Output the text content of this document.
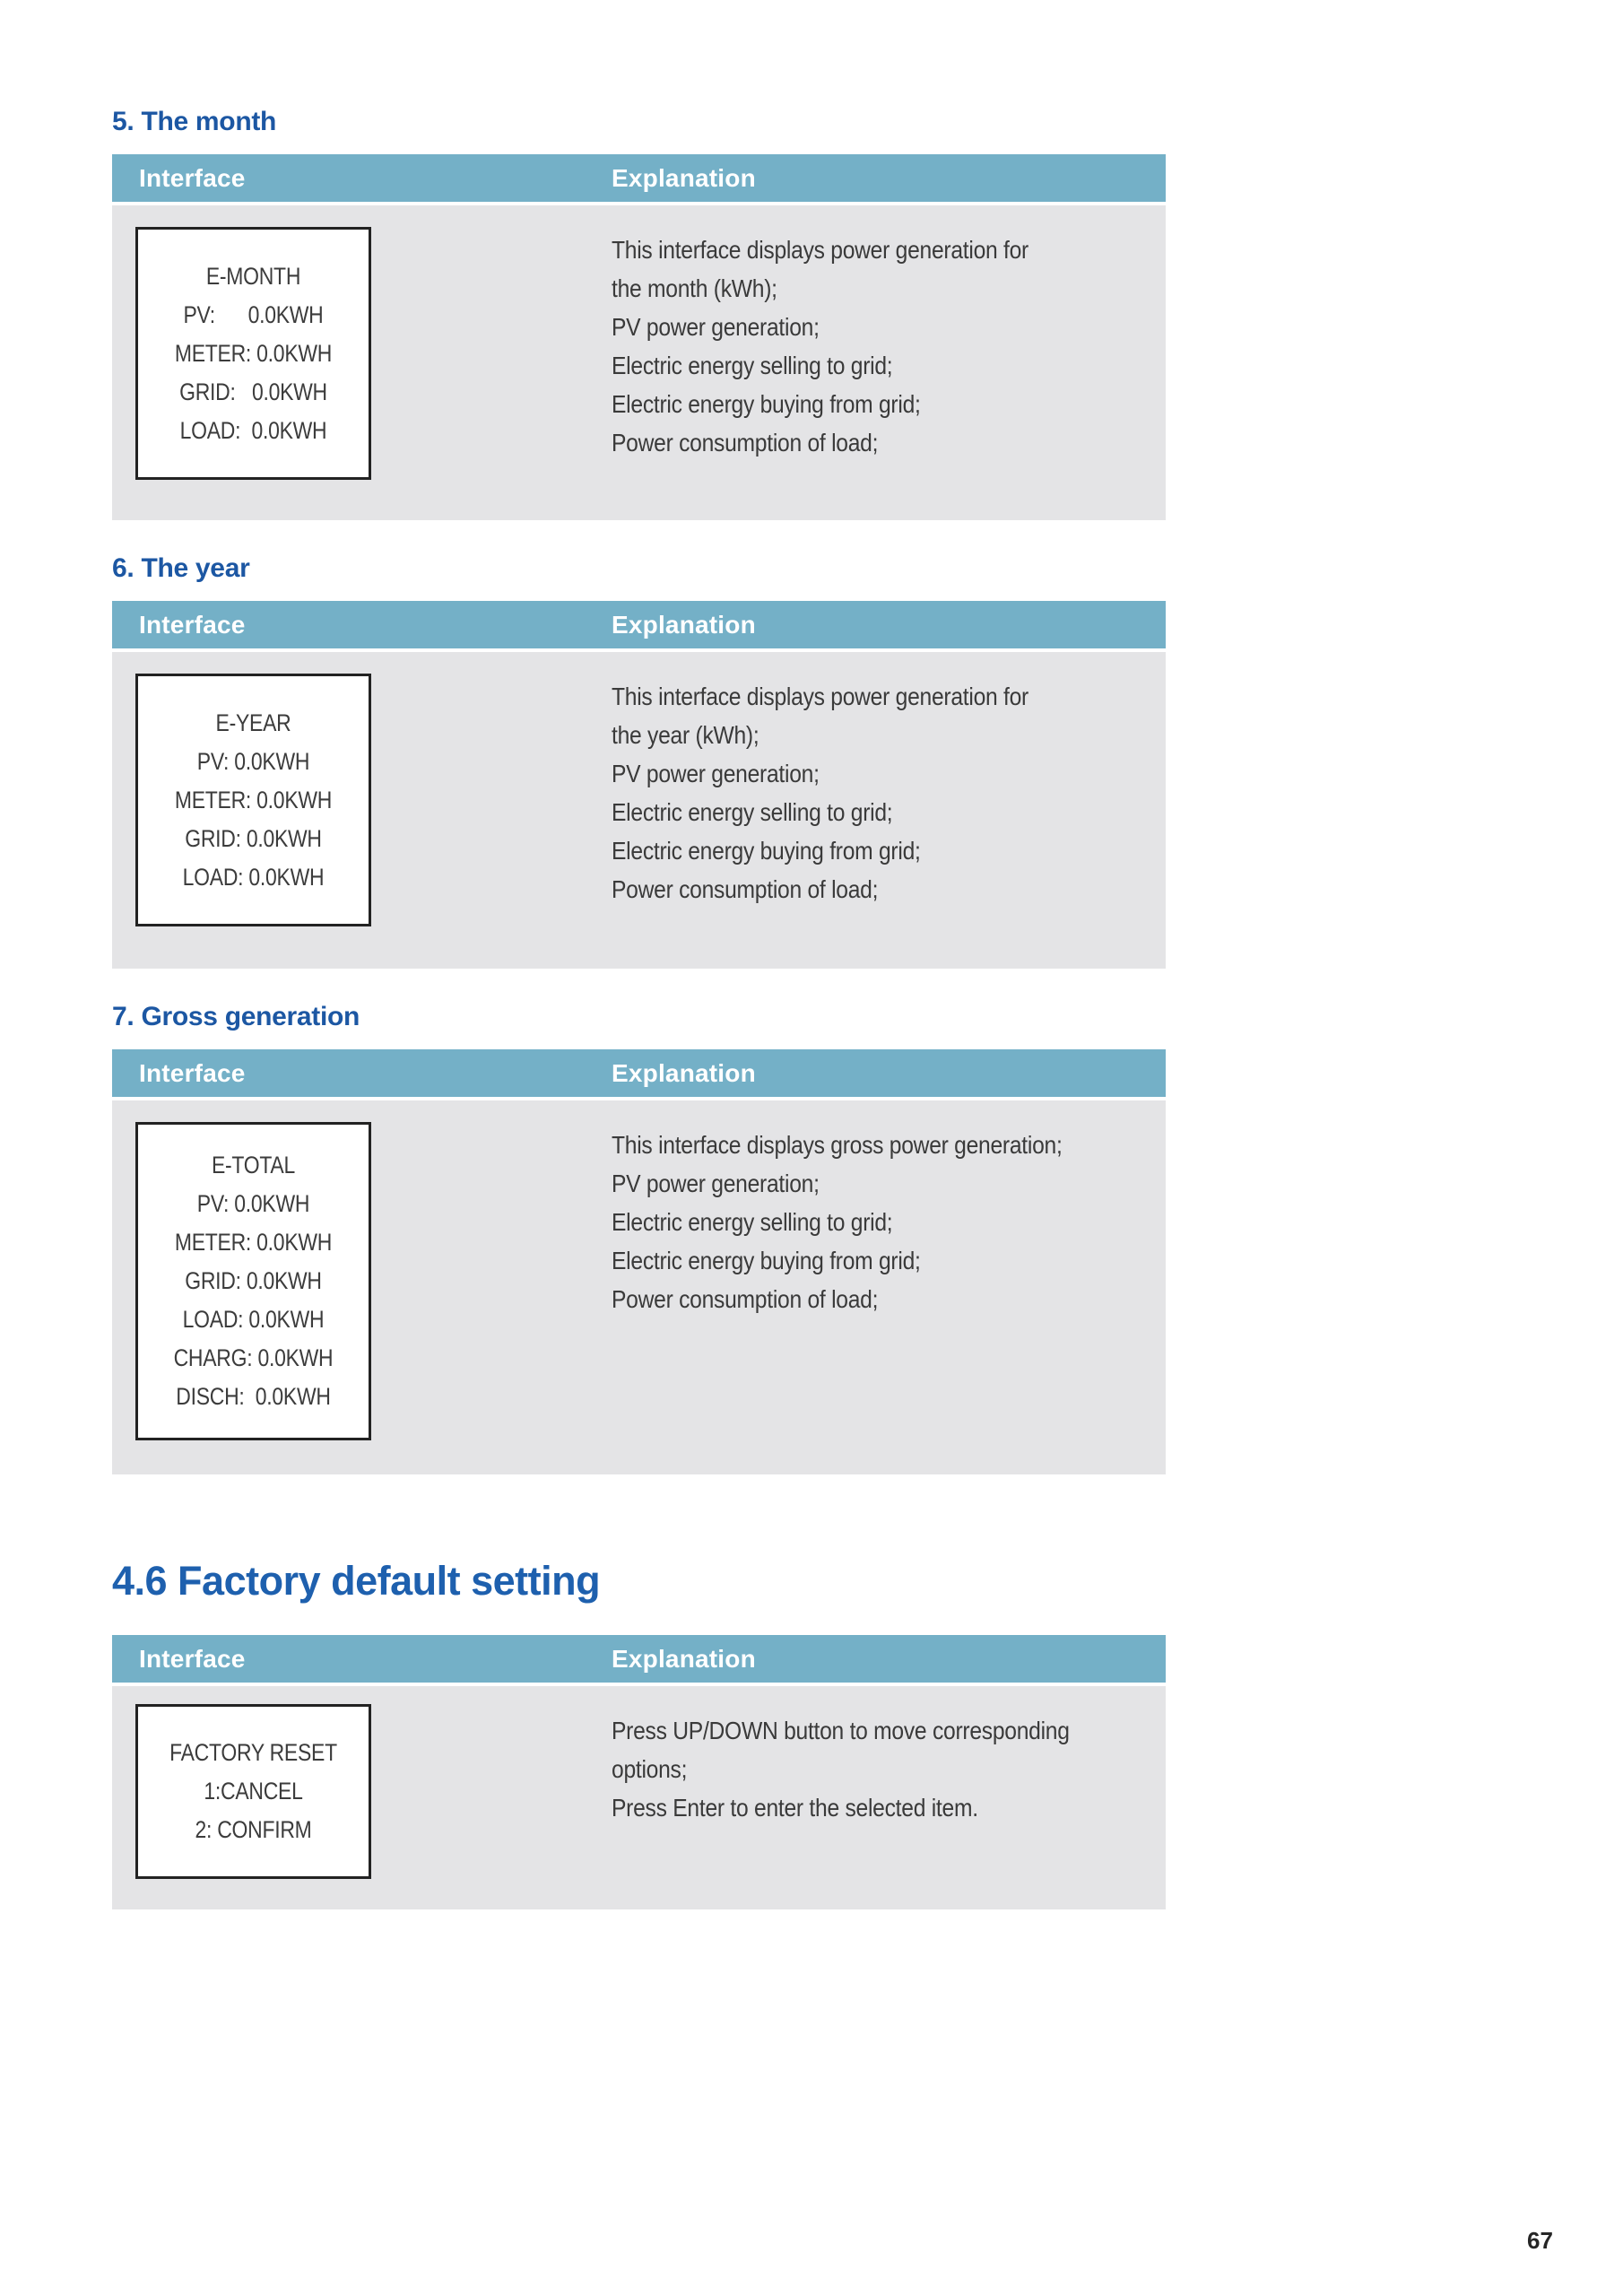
5. The month
Interface	Explanation
E-MONTH
PV:      0.0KWH
METER: 0.0KWH
GRID:   0.0KWH
LOAD:  0.0KWH
This interface displays power generation for
the month (kWh);
PV power generation;
Electric energy selling to grid;
Electric energy buying from grid;
Power consumption of load;
6. The year
Interface	Explanation
E-YEAR
PV: 0.0KWH
METER: 0.0KWH
GRID: 0.0KWH
LOAD: 0.0KWH
This interface displays power generation for
the year (kWh);
PV power generation;
Electric energy selling to grid;
Electric energy buying from grid;
Power consumption of load;
7. Gross generation
Interface	Explanation
E-TOTAL
PV: 0.0KWH
METER: 0.0KWH
GRID: 0.0KWH
LOAD: 0.0KWH
CHARG: 0.0KWH
DISCH:  0.0KWH
This interface displays gross power generation;
PV power generation;
Electric energy selling to grid;
Electric energy buying from grid;
Power consumption of load;
4.6 Factory default setting
Interface	Explanation
FACTORY RESET
1:CANCEL
2: CONFIRM
Press UP/DOWN button to move corresponding
options;
Press Enter to enter the selected item.
67
